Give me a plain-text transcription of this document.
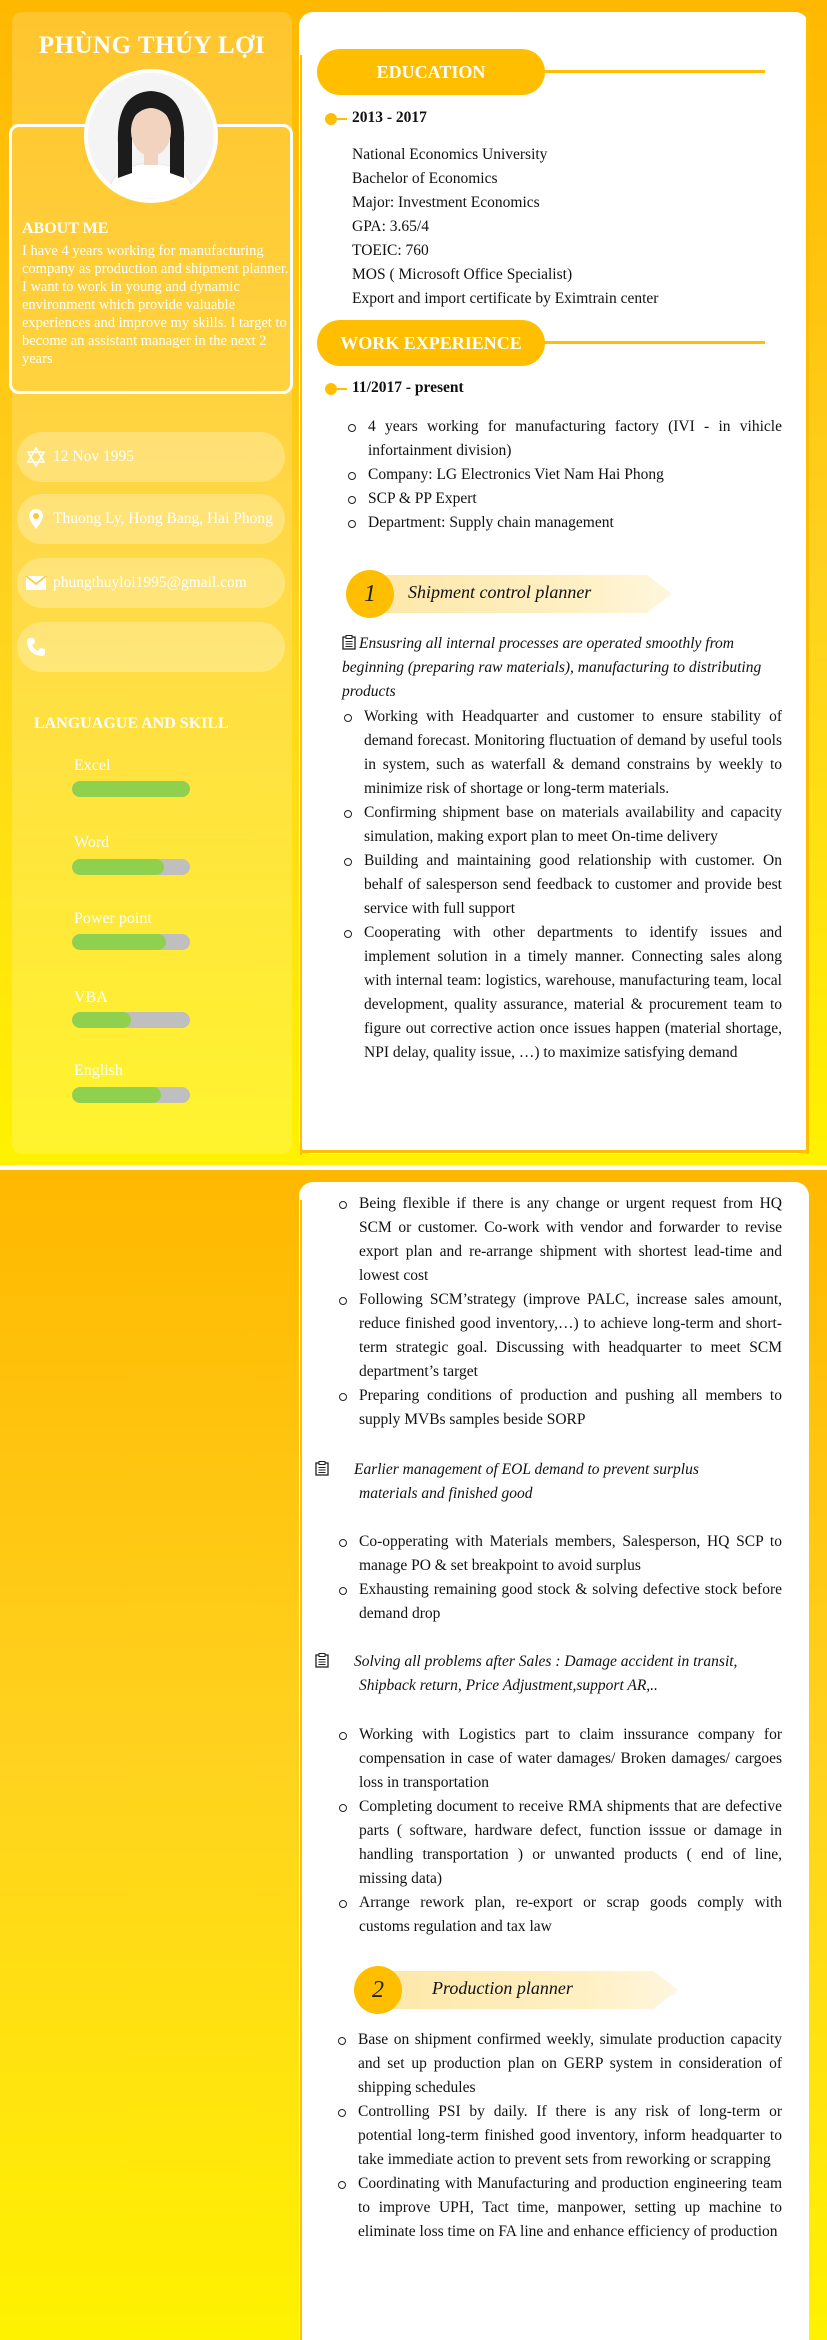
PHÙNG THÚY LỢI
ABOUT ME
I have 4 years working for manufacturing company as production and shipment planner. I want to work in young and dynamic environment which provide valuable experiences and improve my skills. I target to become an assistant manager in the next 2 years
12 Nov 1995
Thuong Ly, Hong Bang, Hai Phong
phungthuyloi1995@gmail.com
LANGUAGUE AND SKILL
Excel
Word
Power point
VBA
English
EDUCATION
2013 - 2017
National Economics University
Bachelor of Economics
Major: Investment Economics
GPA: 3.65/4
TOEIC: 760
MOS ( Microsoft Office Specialist)
Export and import certificate by Eximtrain center
WORK EXPERIENCE
11/2017 - present
4 years working for manufacturing factory (IVI - in vihicle infortainment division)
Company: LG Electronics Viet Nam Hai Phong
SCP & PP Expert
Department: Supply chain management
1	Shipment control planner
Ensusring all internal processes are operated smoothly from beginning (preparing raw materials), manufacturing to distributing products
Working with Headquarter and customer to ensure stability of demand forecast. Monitoring fluctuation of demand by useful tools in system, such as waterfall & demand constrains by weekly to minimize risk of shortage or long-term materials.
Confirming shipment base on materials availability and capacity simulation, making export plan to meet On-time delivery
Building and maintaining good relationship with customer. On behalf of salesperson send feedback to customer and provide best service with full support
Cooperating with other departments to identify issues and implement solution in a timely manner. Connecting sales along with internal team: logistics, warehouse, manufacturing team, local development, quality assurance, material & procurement team to figure out corrective action once issues happen (material shortage, NPI delay, quality issue, …) to maximize satisfying demand
Being flexible if there is any change or urgent request from HQ SCM or customer. Co-work with vendor and forwarder to revise export plan and re-arrange shipment with shortest lead-time and lowest cost
Following SCM’strategy (improve PALC, increase sales amount, reduce finished good inventory,…) to achieve long-term and short-term strategic goal. Discussing with headquarter to meet SCM department’s target
Preparing conditions of production and pushing all members to supply MVBs samples beside SORP
Earlier management of EOL demand to prevent surplus materials and finished good
Co-opperating with Materials members, Salesperson, HQ SCP to manage PO & set breakpoint to avoid surplus
Exhausting remaining good stock & solving defective stock before demand drop
Solving all problems after Sales : Damage accident in transit, Shipback return, Price Adjustment,support AR,..
Working with Logistics part to claim inssurance company for compensation in case of water damages/ Broken damages/ cargoes loss in transportation
Completing document to receive RMA shipments that are defective parts ( software, hardware defect, function isssue or damage in handling transportation ) or unwanted products ( end of line, missing data)
Arrange rework plan, re-export or scrap goods comply with customs regulation and tax law
2	Production planner
Base on shipment confirmed weekly, simulate production capacity and set up production plan on GERP system in consideration of shipping schedules
Controlling PSI by daily. If there is any risk of long-term or potential long-term finished good inventory, inform headquarter to take immediate action to prevent sets from reworking or scrapping
Coordinating with Manufacturing and production engineering team to improve UPH, Tact time, manpower, setting up machine to eliminate loss time on FA line and enhance efficiency of production
